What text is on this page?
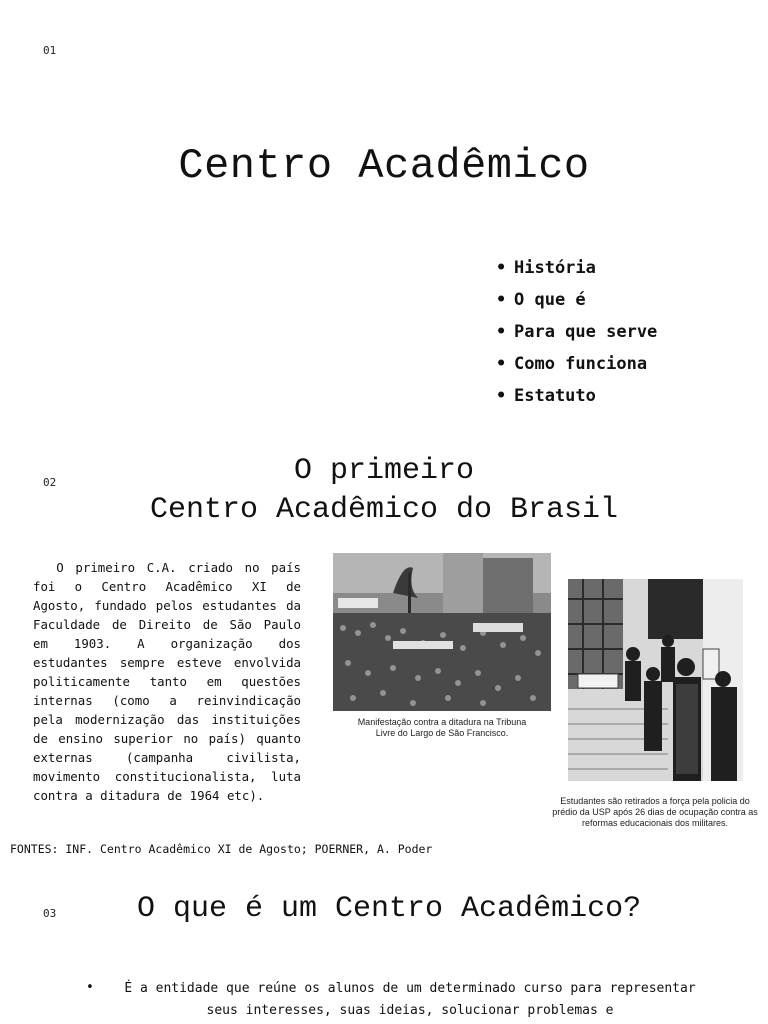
01
Centro Acadêmico
• História
• O que é
• Para que serve
• Como funciona
• Estatuto
02	O primeiro
Centro Acadêmico do Brasil

O primeiro C.A. criado no país foi o Centro Acadêmico XI de Agosto, fundado pelos estudantes da Faculdade de Direito de São Paulo em 1903. A organização dos estudantes sempre esteve envolvida politicamente tanto em questões internas (como a reinvindicação pela modernização das instituições de ensino superior no país) quanto externas (campanha civilista, movimento constitucionalista, luta contra a ditadura de 1964 etc).

Manifestação contra a ditadura na Tribuna Livre do Largo de São Francisco.
Estudantes são retirados a força pela policia do prédio da USP após 26 dias de ocupação contra as reformas educacionais dos militares.
FONTES: INF. Centro Acadêmico XI de Agosto; POERNER, A. Poder
03	O que é um Centro Acadêmico?
•	É a entidade que reúne os alunos de um determinado curso para representar seus interesses, suas ideias, solucionar problemas e
